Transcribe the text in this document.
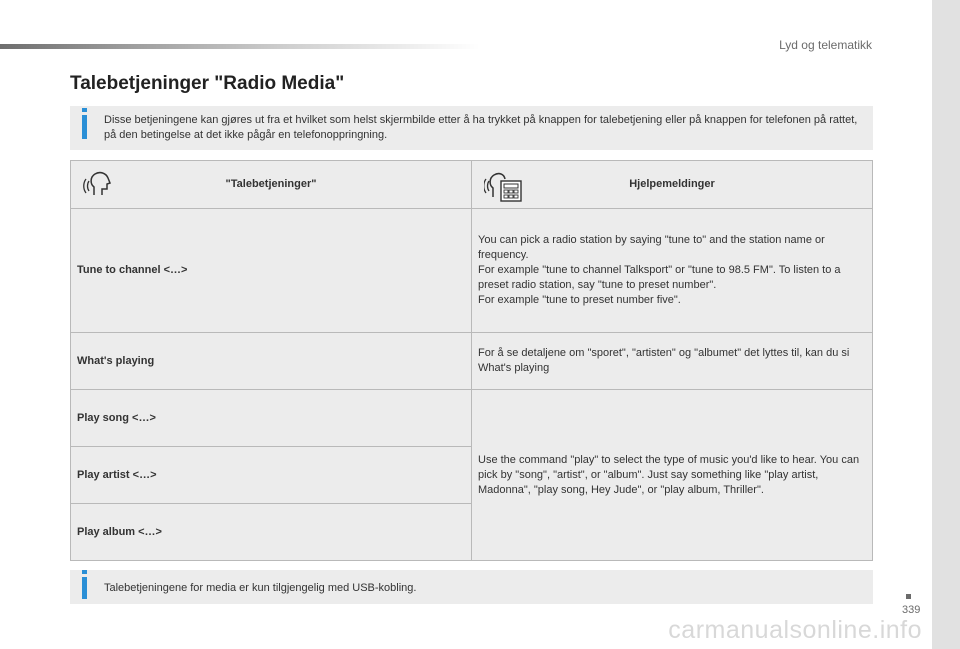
Lyd og telematikk
Talebetjeninger "Radio Media"
Disse betjeningene kan gjøres ut fra et hvilket som helst skjermbilde etter å ha trykket på knappen for talebetjening eller på knappen for telefonen på rattet, på den betingelse at det ikke pågår en telefonoppringning.
"Talebetjeninger"	Hjelpemeldinger

Tune to channel <…>	You can pick a radio station by saying "tune to" and the station name or frequency.
For example "tune to channel Talksport" or "tune to 98.5 FM". To listen to a preset radio station, say "tune to preset number".
For example "tune to preset number five".

What's playing	For å se detaljene om "sporet", "artisten" og "albumet" det lyttes til, kan du si What's playing
Play song <…>	Use the command "play" to select the type of music you'd like to hear. You can pick by "song", "artist", or "album". Just say something like "play artist, Madonna", "play song, Hey Jude", or "play album, Thriller".
Play artist <…>	
Play album <…>	
Talebetjeningene for media er kun tilgjengelig med USB-kobling.
339
carmanualsonline.info
